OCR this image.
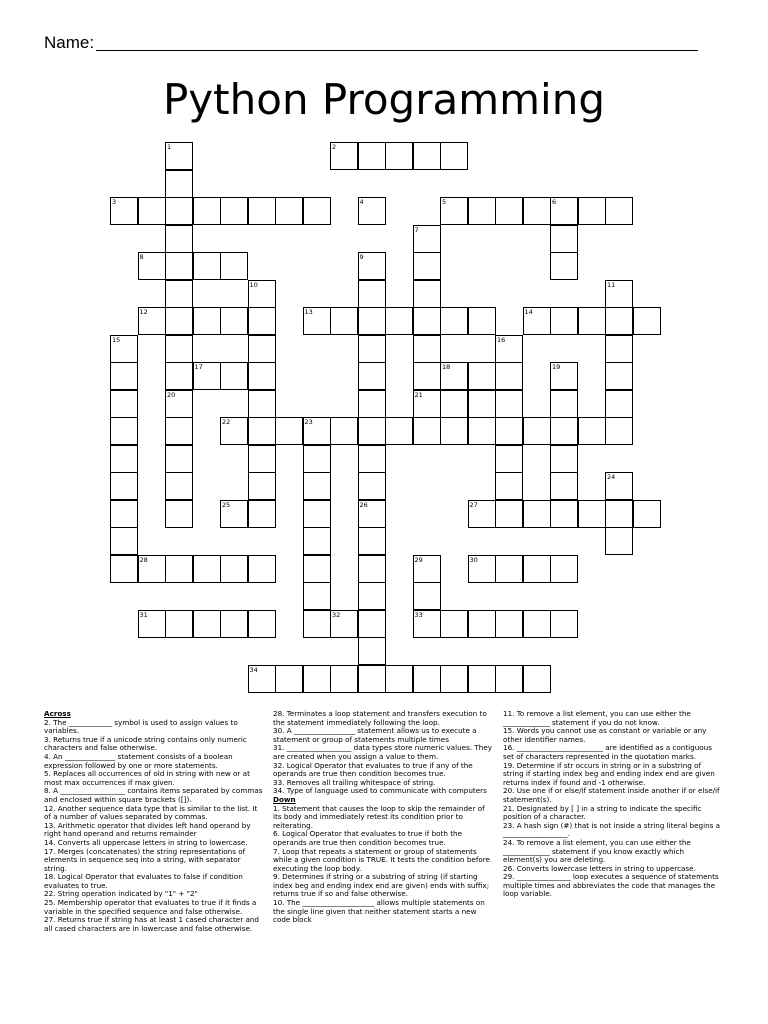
Name:
Python Programming
1
20
2
3	4	5	6
7
21
8	9
26
10	11
12	13	14
15	16
17	18	19
22	23
24
25	27
28	29
33
30
31	32
34

Across

2. The ____________ symbol is used to assign values to variables.

3. Returns true if a unicode string contains only numeric characters and false otherwise.

4. An ______________ statement consists of a boolean expression followed by one or more statements.

5. Replaces all occurrences of old in string with new or at most max occurrences if max given.

8. A __________________ contains items separated by commas and enclosed within square brackets ([]).

12. Another sequence data type that is similar to the list. It of a number of values separated by commas.

13. Arithmetic operator that divides left hand operand by right hand operand and returns remainder

14. Converts all uppercase letters in string to lowercase.

17. Merges (concatenates) the string representations of elements in sequence seq into a string, with separator string.

18. Logical Operator that evaluates to false if condition evaluates to true.

22. String operation indicated by "1" + "2"

25. Membership operator that evaluates to true if it finds a variable in the specified sequence and false otherwise.

27. Returns true if string has at least 1 cased character and all cased characters are in lowercase and false otherwise.

28. Terminates a loop statement and transfers execution to the statement immediately following the loop.

30. A _________________ statement allows us to execute a statement or group of statements multiple times

31. __________________ data types store numeric values. They are created when you assign a value to them.

32. Logical Operator that evaluates to true if any of the operands are true then condition becomes true.

33. Removes all trailing whitespace of string.

34. Type of language used to communicate with computers

Down

1. Statement that causes the loop to skip the remainder of its body and immediately retest its condition prior to reiterating.

6. Logical Operator that evaluates to true if both the operands are true then condition becomes true.

7. Loop that repeats a statement or group of statements while a given condition is TRUE. It tests the condition before executing the loop body.

9. Determines if string or a substring of string (if starting index beg and ending index end are given) ends with suffix; returns true if so and false otherwise.

10. The ____________________ allows multiple statements on the single line given that neither statement starts a new code block

11. To remove a list element, you can use either the _____________ statement if you do not know.

15. Words you cannot use as constant or variable or any other identifier names.

16. ________________________ are identified as a contiguous set of characters represented in the quotation marks.

19. Determine if str occurs in string or in a substring of string if starting index beg and ending index end are given returns index if found and -1 otherwise.

20. Use one if or else/if statement inside another if or else/if statement(s).

21. Designated by [ ] in a string to indicate the specific position of a character.

23. A hash sign (#) that is not inside a string literal begins a __________________.

24. To remove a list element, you can use either the _____________ statement if you know exactly which element(s) you are deleting.

26. Converts lowercase letters in string to uppercase.

29. _______________ loop executes a sequence of statements multiple times and abbreviates the code that manages the loop variable.
